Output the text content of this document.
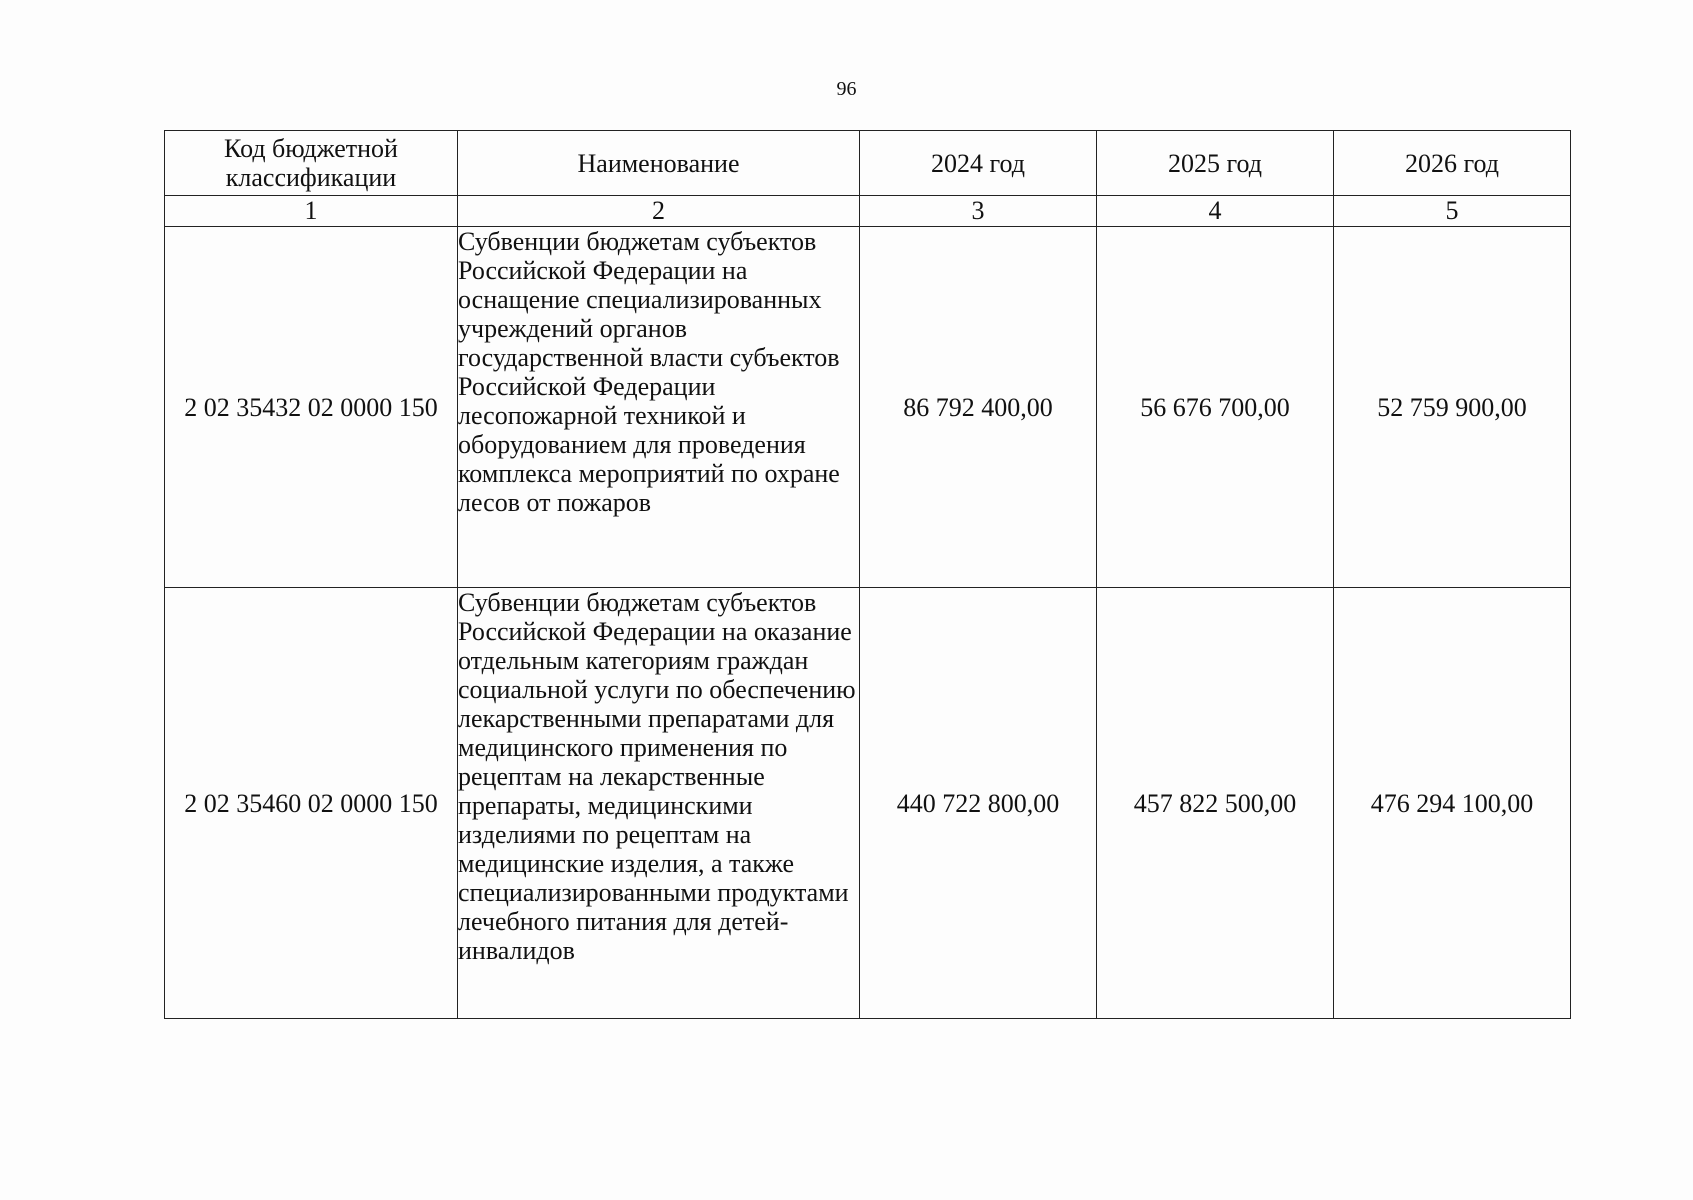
96
Код бюджетной классификации	Наименование	2024 год	2025 год	2026 год
1	2	3	4	5
2 02 35432 02 0000 150	Субвенции бюджетам субъектов Российской Федерации на оснащение специализированных учреждений органов государственной власти субъектов Российской Федерации лесопожарной техникой и оборудованием для проведения комплекса мероприятий по охране лесов от пожаров	86 792 400,00	56 676 700,00	52 759 900,00
2 02 35460 02 0000 150	Субвенции бюджетам субъектов Российской Федерации на оказание отдельным категориям граждан социальной услуги по обеспечению лекарственными препаратами для медицинского применения по рецептам на лекарственные препараты, медицинскими изделиями по рецептам на медицинские изделия, а также специализированными продуктами лечебного питания для детей-инвалидов	440 722 800,00	457 822 500,00	476 294 100,00
